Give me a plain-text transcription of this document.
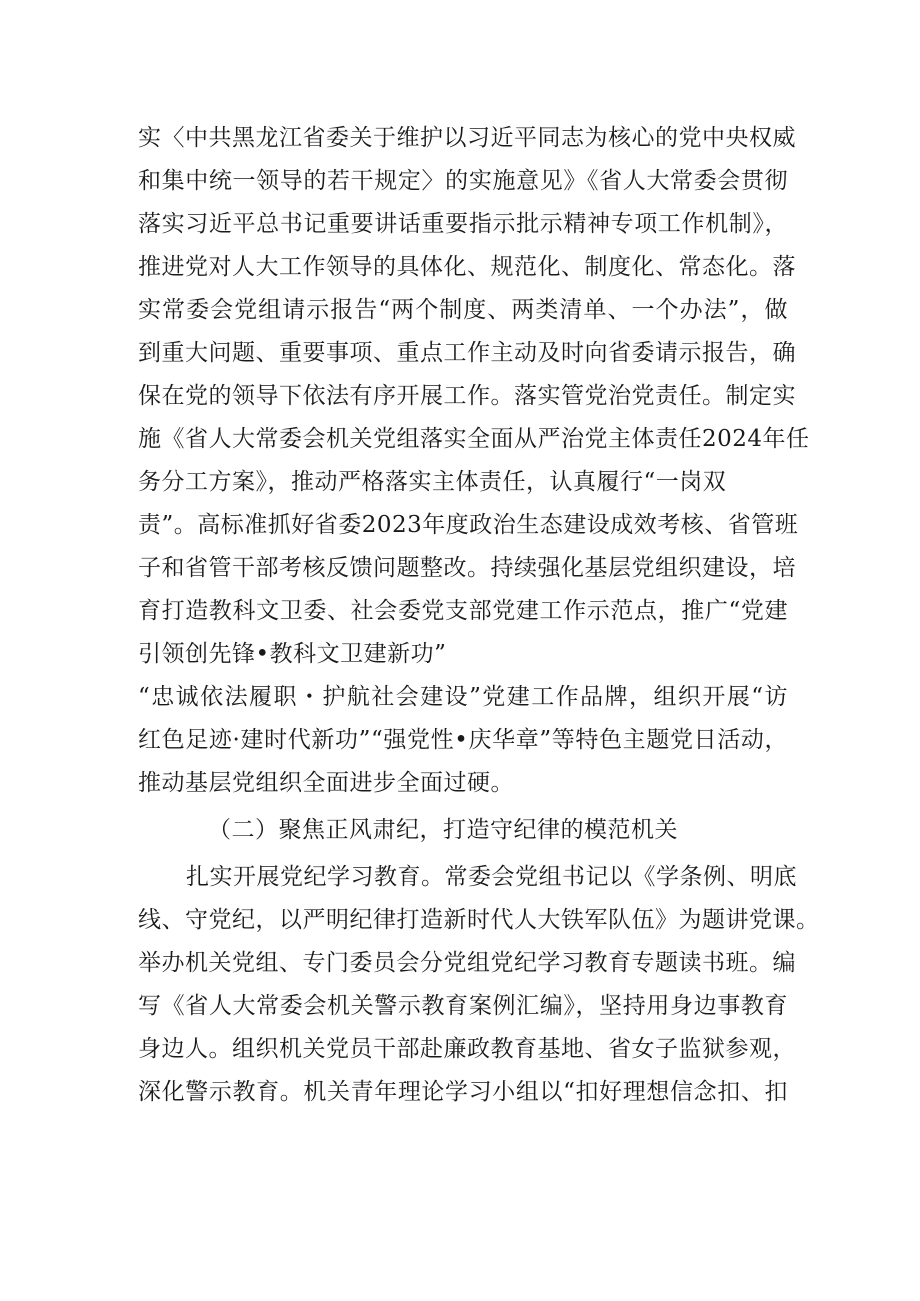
实〈中共黑龙江省委关于维护以习近平同志为核心的党中央权威
和集中统一领导的若干规定〉的实施意见》《省人大常委会贯彻
落实习近平总书记重要讲话重要指示批示精神专项工作机制》，
推进党对人大工作领导的具体化、规范化、制度化、常态化。落
实常委会党组请示报告“两个制度、两类清单、一个办法”，做
到重大问题、重要事项、重点工作主动及时向省委请示报告，确
保在党的领导下依法有序开展工作。落实管党治党责任。制定实
施《省人大常委会机关党组落实全面从严治党主体责任2024年任
务分工方案》，推动严格落实主体责任，认真履行“一岗双
责”。高标准抓好省委2023年度政治生态建设成效考核、省管班
子和省管干部考核反馈问题整改。持续强化基层党组织建设，培
育打造教科文卫委、社会委党支部党建工作示范点，推广“党建
引领创先锋•教科文卫建新功”
“忠诚依法履职・护航社会建设”党建工作品牌，组织开展“访
红色足迹·建时代新功”“强党性•庆华章”等特色主题党日活动，
推动基层党组织全面进步全面过硬。
（二）聚焦正风肃纪，打造守纪律的模范机关
扎实开展党纪学习教育。常委会党组书记以《学条例、明底
线、守党纪，以严明纪律打造新时代人大铁军队伍》为题讲党课。
举办机关党组、专门委员会分党组党纪学习教育专题读书班。编
写《省人大常委会机关警示教育案例汇编》，坚持用身边事教育
身边人。组织机关党员干部赴廉政教育基地、省女子监狱参观，
深化警示教育。机关青年理论学习小组以“扣好理想信念扣、扣
